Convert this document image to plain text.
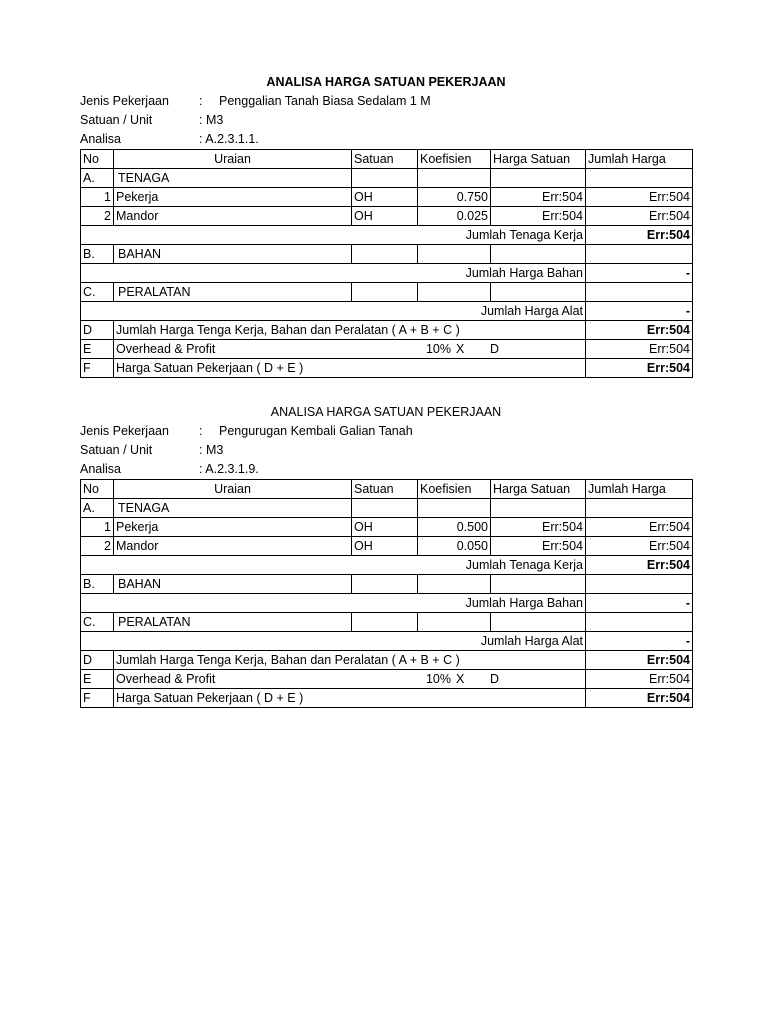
ANALISA HARGA SATUAN PEKERJAAN
Jenis Pekerjaan : Penggalian Tanah Biasa Sedalam 1 M
Satuan / Unit	: M3
Analisa	: A.2.3.1.1.
No	Uraian	Satuan	Koefisien	Harga Satuan	Jumlah Harga
A.	TENAGA				
1	Pekerja	OH	0.750	Err:504	Err:504
2	Mandor	OH	0.025	Err:504	Err:504
Jumlah Tenaga Kerja					Err:504
B.	BAHAN				
Jumlah Harga Bahan					-
C.	PERALATAN				
Jumlah Harga Alat					-
D	Jumlah Harga Tenga Kerja, Bahan dan Peralatan ( A + B + C )				Err:504
E	Overhead & Profit 10% X D				Err:504
F	Harga Satuan Pekerjaan ( D + E )				Err:504
ANALISA HARGA SATUAN PEKERJAAN
Jenis Pekerjaan : Pengurugan Kembali Galian Tanah
Satuan / Unit	: M3
Analisa	: A.2.3.1.9.
No	Uraian	Satuan	Koefisien	Harga Satuan	Jumlah Harga
A.	TENAGA				
1	Pekerja	OH	0.500	Err:504	Err:504
2	Mandor	OH	0.050	Err:504	Err:504
Jumlah Tenaga Kerja					Err:504
B.	BAHAN				
Jumlah Harga Bahan					-
C.	PERALATAN				
Jumlah Harga Alat					-
D	Jumlah Harga Tenga Kerja, Bahan dan Peralatan ( A + B + C )				Err:504
E	Overhead & Profit 10% X D				Err:504
F	Harga Satuan Pekerjaan ( D + E )				Err:504
